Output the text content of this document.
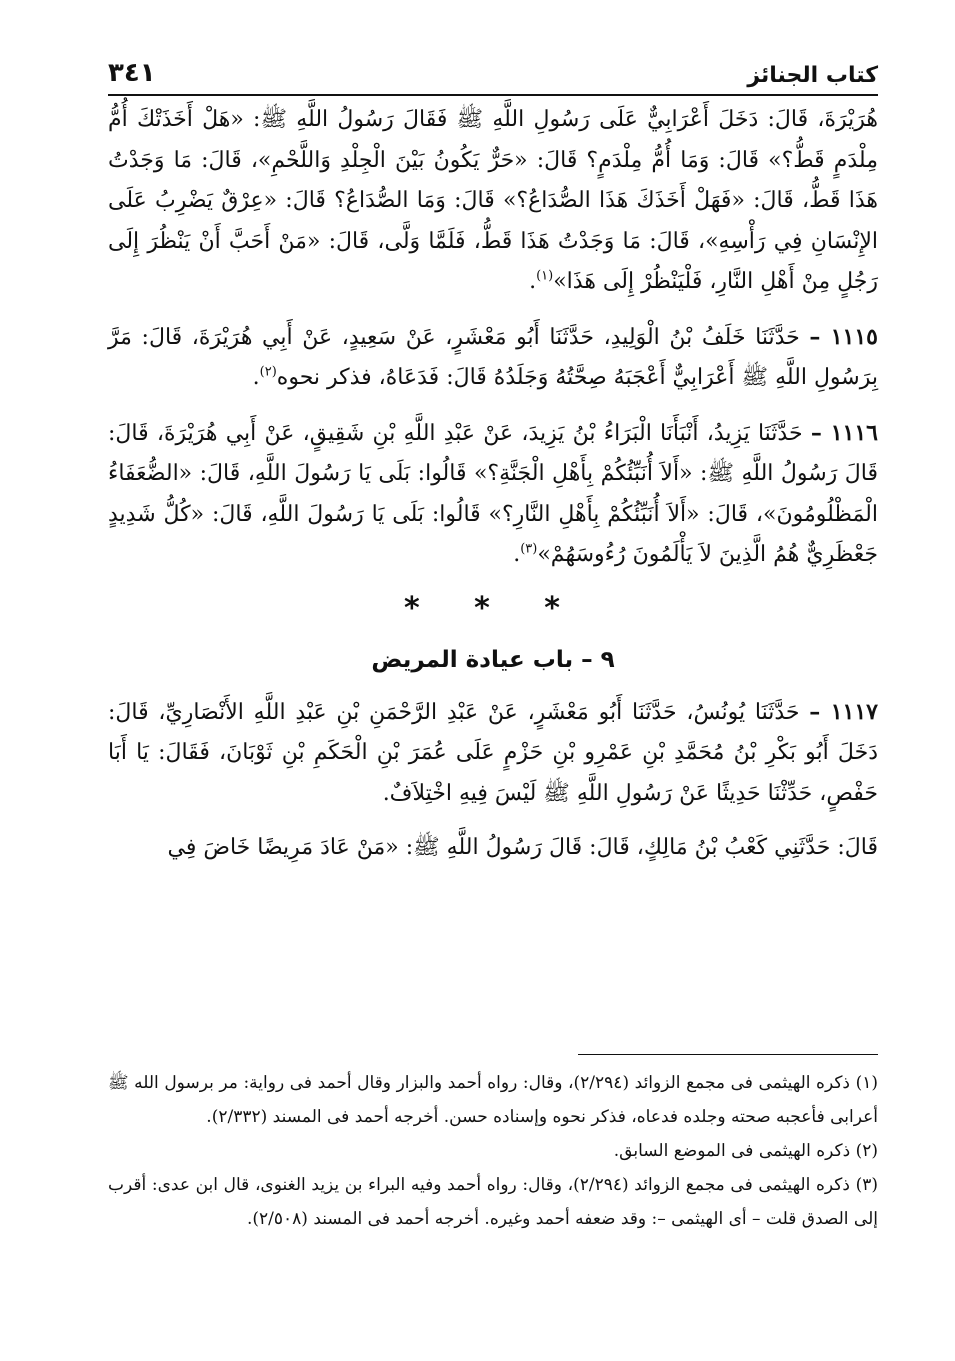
كتاب الجنائز
٣٤١

هُرَيْرَةَ، قَالَ: دَخَلَ أَعْرَابِيٌّ عَلَى رَسُولِ اللَّهِ ﷺ فَقَالَ رَسُولُ اللَّهِ ﷺ: «هَلْ أَخَذَتْكَ أُمُّ مِلْدَمٍ قَطُّ؟» قَالَ: وَمَا أُمُّ مِلْدَمٍ؟ قَالَ: «حَرٌّ يَكُونُ بَيْنَ الْجِلْدِ وَاللَّحْمِ»، قَالَ: مَا وَجَدْتُ هَذَا قَطُّ، قَالَ: «فَهَلْ أَخَذَكَ هَذَا الصُّدَاعُ؟» قَالَ: وَمَا الصُّدَاعُ؟ قَالَ: «عِرْقٌ يَضْرِبُ عَلَى الإِنْسَانِ فِي رَأْسِهِ»، قَالَ: مَا وَجَدْتُ هَذَا قَطُّ، فَلَمَّا وَلَّى، قَالَ: «مَنْ أَحَبَّ أَنْ يَنْظُرَ إِلَى رَجُلٍ مِنْ أَهْلِ النَّارِ، فَلْيَنْظُرْ إِلَى هَذَا»$^{(١)}$.

١١١٥ – حَدَّثَنَا خَلَفُ بْنُ الْوَلِيدِ، حَدَّثَنَا أَبُو مَعْشَرٍ، عَنْ سَعِيدٍ، عَنْ أَبِي هُرَيْرَةَ، قَالَ: مَرَّ بِرَسُولِ اللَّهِ ﷺ أَعْرَابِيٌّ أَعْجَبَهُ صِحَّتُهُ وَجَلَدُهُ قَالَ: فَدَعَاهُ، فذكر نحوه$^{(٢)}$.

١١١٦ – حَدَّثَنَا يَزِيدُ، أَنْبَأَنَا الْبَرَاءُ بْنُ يَزِيدَ، عَنْ عَبْدِ اللَّهِ بْنِ شَقِيقٍ، عَنْ أَبِي هُرَيْرَةَ، قَالَ: قَالَ رَسُولُ اللَّهِ ﷺ: «أَلاَ أُنَبِّئُكُمْ بِأَهْلِ الْجَنَّةِ؟» قَالُوا: بَلَى يَا رَسُولَ اللَّهِ، قَالَ: «الضُّعَفَاءُ الْمَظْلُومُونَ»، قَالَ: «أَلاَ أُنَبِّئُكُمْ بِأَهْلِ النَّارِ؟» قَالُوا: بَلَى يَا رَسُولَ اللَّهِ، قَالَ: «كُلُّ شَدِيدٍ جَعْظَرِيٌّ هُمُ الَّذِينَ لاَ يَأْلَمُونَ رُءُوسَهُمْ»$^{(٣)}$.

* * *
٩ – باب عيادة المريض

١١١٧ – حَدَّثَنَا يُونُسُ، حَدَّثَنَا أَبُو مَعْشَرٍ، عَنْ عَبْدِ الرَّحْمَنِ بْنِ عَبْدِ اللَّهِ الأَنْصَارِيِّ، قَالَ: دَخَلَ أَبُو بَكْرِ بْنُ مُحَمَّدِ بْنِ عَمْرِو بْنِ حَزْمٍ عَلَى عُمَرَ بْنِ الْحَكَمِ بْنِ ثَوْبَانَ، فَقَالَ: يَا أَبَا حَفْصٍ، حَدِّثْنَا حَدِيثًا عَنْ رَسُولِ اللَّهِ ﷺ لَيْسَ فِيهِ اخْتِلاَفٌ.

قَالَ: حَدَّثَنِي كَعْبُ بْنُ مَالِكٍ، قَالَ: قَالَ رَسُولُ اللَّهِ ﷺ: «مَنْ عَادَ مَرِيضًا خَاضَ فِي

(١) ذكره الهيثمى فى مجمع الزوائد (٢/٢٩٤)، وقال: رواه أحمد والبزار وقال أحمد فى رواية: مر برسول الله ﷺ أعرابى فأعجبه صحته وجلده فدعاه، فذكر نحوه وإسناده حسن. أخرجه أحمد فى المسند (٢/٣٣٢).

(٢) ذكره الهيثمى فى الموضع السابق.

(٣) ذكره الهيثمى فى مجمع الزوائد (٢/٢٩٤)، وقال: رواه أحمد وفيه البراء بن يزيد الغنوى، قال ابن عدى: أقرب إلى الصدق قلت – أى الهيثمى –: وقد ضعفه أحمد وغيره. أخرجه أحمد فى المسند (٢/٥٠٨).
